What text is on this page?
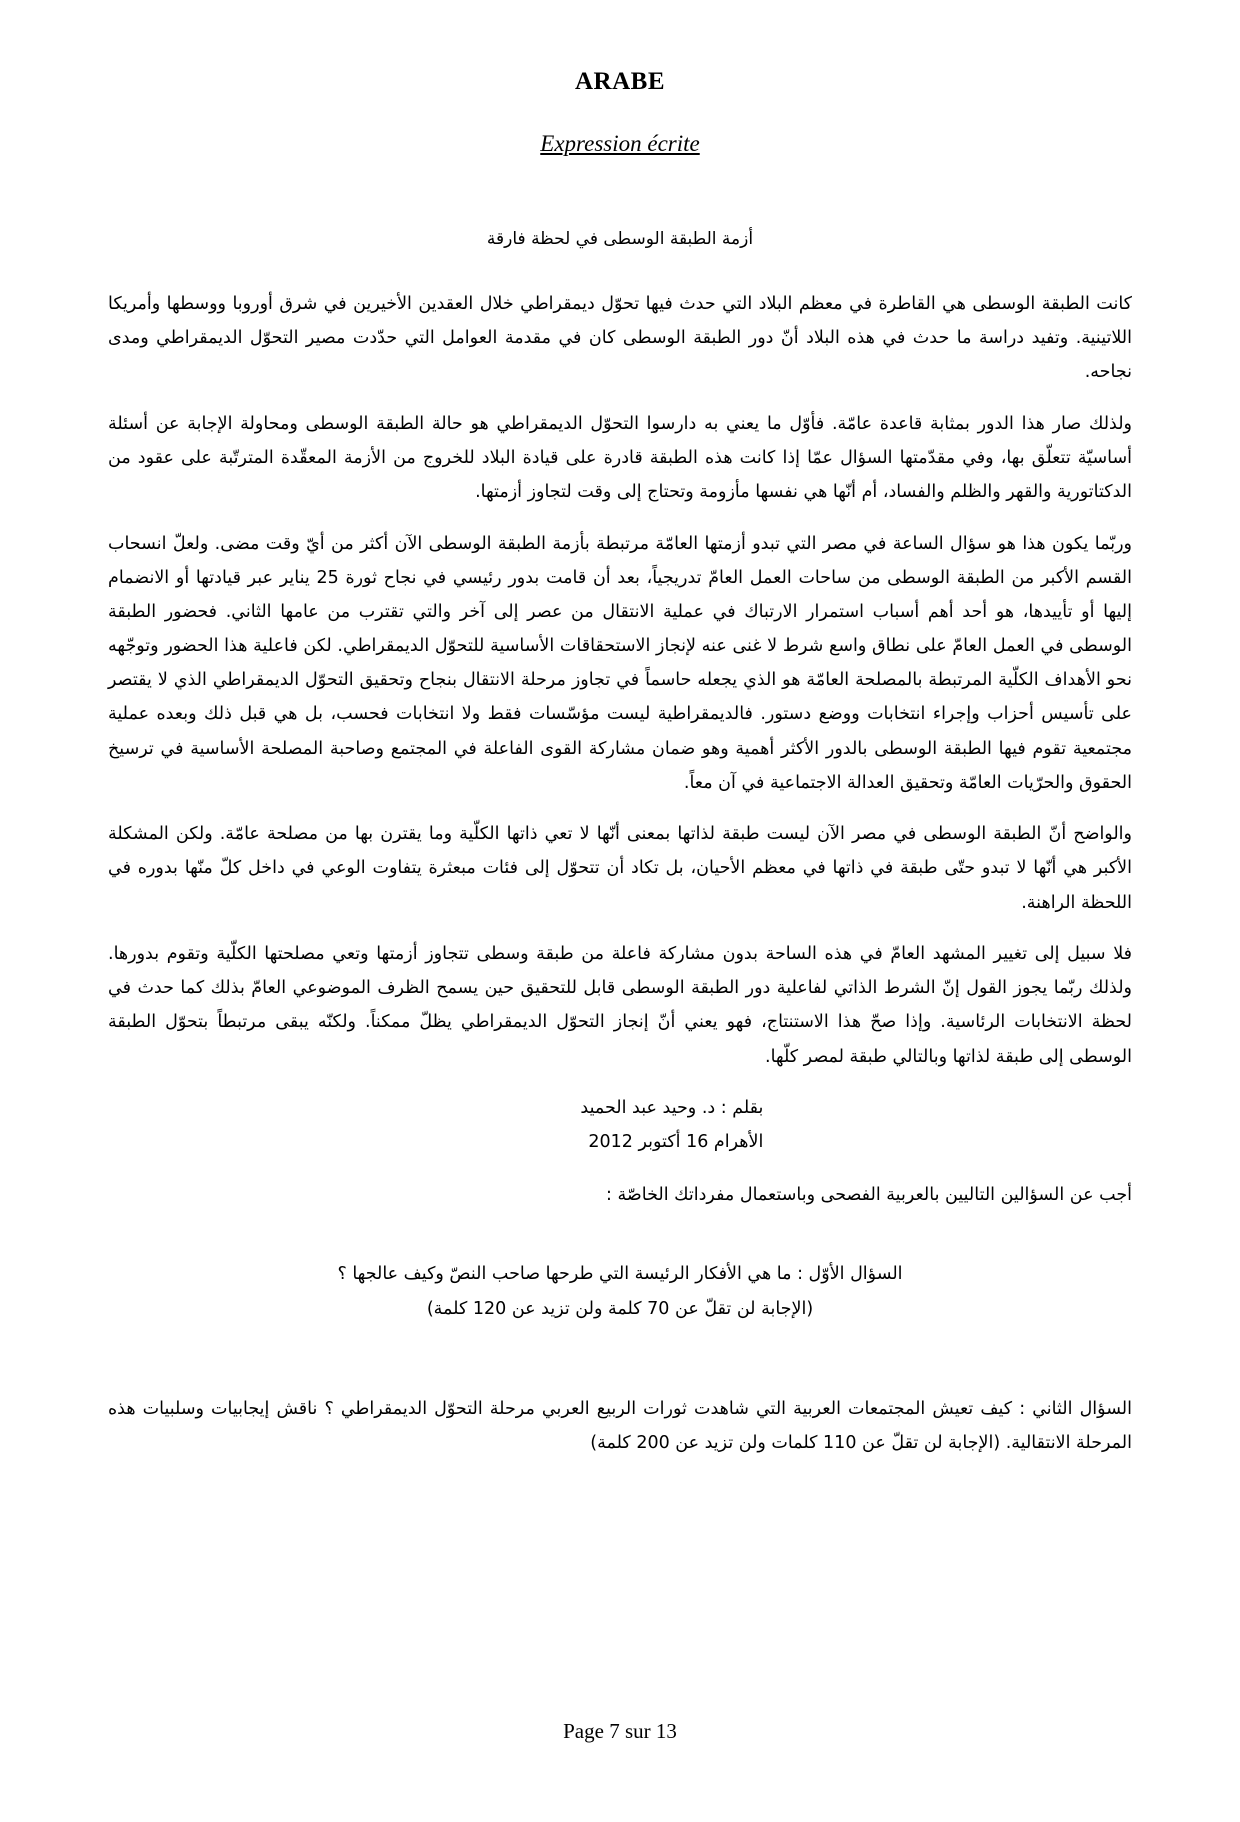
ARABE
Expression écrite
أزمة الطبقة الوسطى في لحظة فارقة

كانت الطبقة الوسطى هي القاطرة في معظم البلاد التي حدث فيها تحوّل ديمقراطي خلال العقدين الأخيرين في شرق أوروبا ووسطها وأمريكا اللاتينية. وتفيد دراسة ما حدث في هذه البلاد أنّ دور الطبقة الوسطى كان في مقدمة العوامل التي حدّدت مصير التحوّل الديمقراطي ومدى نجاحه.

ولذلك صار هذا الدور بمثابة قاعدة عامّة. فأوّل ما يعني به دارسوا التحوّل الديمقراطي هو حالة الطبقة الوسطى ومحاولة الإجابة عن أسئلة أساسيّة تتعلّق بها، وفي مقدّمتها السؤال عمّا إذا كانت هذه الطبقة قادرة على قيادة البلاد للخروج من الأزمة المعقّدة المترتّبة على عقود من الدكتاتورية والقهر والظلم والفساد، أم أنّها هي نفسها مأزومة وتحتاج إلى وقت لتجاوز أزمتها.

وربّما يكون هذا هو سؤال الساعة في مصر التي تبدو أزمتها العامّة مرتبطة بأزمة الطبقة الوسطى الآن أكثر من أيّ وقت مضى. ولعلّ انسحاب القسم الأكبر من الطبقة الوسطى من ساحات العمل العامّ تدريجياً، بعد أن قامت بدور رئيسي في نجاح ثورة 25 يناير عبر قيادتها أو الانضمام إليها أو تأييدها، هو أحد أهم أسباب استمرار الارتباك في عملية الانتقال من عصر إلى آخر والتي تقترب من عامها الثاني. فحضور الطبقة الوسطى في العمل العامّ على نطاق واسع شرط لا غنى عنه لإنجاز الاستحقاقات الأساسية للتحوّل الديمقراطي. لكن فاعلية هذا الحضور وتوجّهه نحو الأهداف الكلّية المرتبطة بالمصلحة العامّة هو الذي يجعله حاسماً في تجاوز مرحلة الانتقال بنجاح وتحقيق التحوّل الديمقراطي الذي لا يقتصر على تأسيس أحزاب وإجراء انتخابات ووضع دستور. فالديمقراطية ليست مؤسّسات فقط ولا انتخابات فحسب، بل هي قبل ذلك وبعده عملية مجتمعية تقوم فيها الطبقة الوسطى بالدور الأكثر أهمية وهو ضمان مشاركة القوى الفاعلة في المجتمع وصاحبة المصلحة الأساسية في ترسيخ الحقوق والحرّيات العامّة وتحقيق العدالة الاجتماعية في آن معاً.

والواضح أنّ الطبقة الوسطى في مصر الآن ليست طبقة لذاتها بمعنى أنّها لا تعي ذاتها الكلّية وما يقترن بها من مصلحة عامّة. ولكن المشكلة الأكبر هي أنّها لا تبدو حتّى طبقة في ذاتها في معظم الأحيان، بل تكاد أن تتحوّل إلى فئات مبعثرة يتفاوت الوعي في داخل كلّ منّها بدوره في اللحظة الراهنة.

فلا سبيل إلى تغيير المشهد العامّ في هذه الساحة بدون مشاركة فاعلة من طبقة وسطى تتجاوز أزمتها وتعي مصلحتها الكلّية وتقوم بدورها. ولذلك ربّما يجوز القول إنّ الشرط الذاتي لفاعلية دور الطبقة الوسطى قابل للتحقيق حين يسمح الظرف الموضوعي العامّ بذلك كما حدث في لحظة الانتخابات الرئاسية. وإذا صحّ هذا الاستنتاج، فهو يعني أنّ إنجاز التحوّل الديمقراطي يظلّ ممكناً. ولكنّه يبقى مرتبطاً بتحوّل الطبقة الوسطى إلى طبقة لذاتها وبالتالي طبقة لمصر كلّها.

بقلم : د. وحيد عبد الحميد
الأهرام 16 أكتوبر 2012
أجب عن السؤالين التاليين بالعربية الفصحى وباستعمال مفرداتك الخاصّة :
السؤال الأوّل : ما هي الأفكار الرئيسة التي طرحها صاحب النصّ وكيف عالجها ؟
(الإجابة لن تقلّ عن 70 كلمة ولن تزيد عن 120 كلمة)
السؤال الثاني : كيف تعيش المجتمعات العربية التي شاهدت ثورات الربيع العربي مرحلة التحوّل الديمقراطي ؟ ناقش إيجابيات وسلبيات هذه المرحلة الانتقالية. (الإجابة لن تقلّ عن 110 كلمات ولن تزيد عن 200 كلمة)
Page 7 sur 13
